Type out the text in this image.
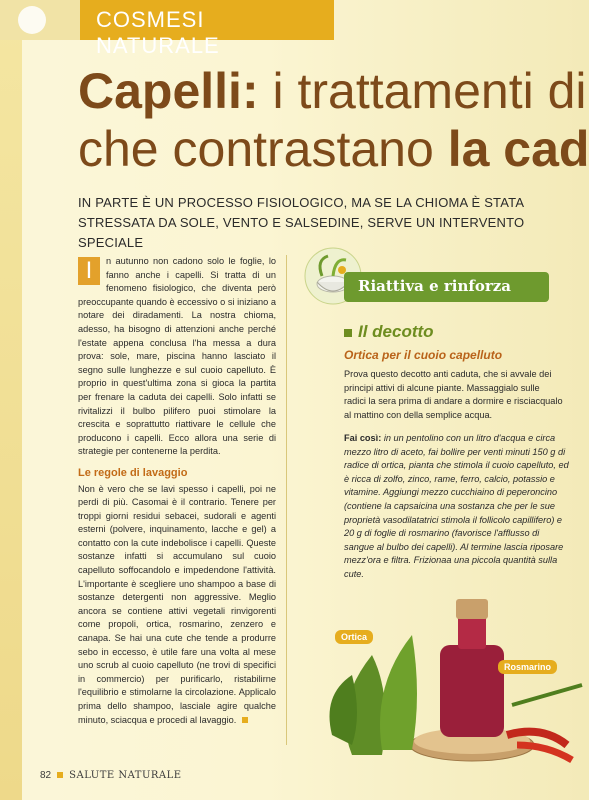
COSMESI NATURALE
Capelli: i trattamenti di
che contrastano la cad
IN PARTE È UN PROCESSO FISIOLOGICO, MA SE LA CHIOMA È STATA STRESSATA DA SOLE, VENTO E SALSEDINE, SERVE UN INTERVENTO SPECIALE
I	n autunno non cadono solo le foglie, lo fanno anche i capelli. Si tratta di un fenomeno fisiologico, che diventa però preoccupante quando è eccessivo o si iniziano a notare dei diradamenti. La nostra chioma, adesso, ha bisogno di attenzioni anche perché l'estate appena conclusa l'ha messa a dura prova: sole, mare, piscina hanno lasciato il segno sulle lunghezze e sul cuoio capelluto. È proprio in quest'ultima zona si gioca la partita per frenare la caduta dei capelli. Solo infatti se rivitalizzi il bulbo pilifero puoi stimolare la crescita e soprattutto riattivare le cellule che producono i capelli. Ecco allora una serie di strategie per contenerne la perdita.

Le regole di lavaggio

Non è vero che se lavi spesso i capelli, poi ne perdi di più. Casomai è il contrario. Tenere per troppi giorni residui sebacei, sudorali e agenti esterni (polvere, inquinamento, lacche e gel) a contatto con la cute indebolisce i capelli. Queste sostanze infatti si accumulano sul cuoio capelluto soffocandolo e impedendone l'attività. L'importante è scegliere uno shampoo a base di sostanze detergenti non aggressive. Meglio ancora se contiene attivi vegetali rinvigorenti come propoli, ortica, rosmarino, zenzero e canapa. Se hai una cute che tende a produrre sebo in eccesso, è utile fare una volta al mese uno scrub al cuoio capelluto (ne trovi di specifici in commercio) per purificarlo, ristabilirne l'equilibrio e stimolarne la circolazione. Applicalo prima dello shampoo, lasciale agire qualche minuto, sciacqua e procedi al lavaggio.

Riattiva e rinforza
Il decotto
Ortica per il cuoio capelluto

Prova questo decotto anti caduta, che si avvale dei principi attivi di alcune piante. Massaggialo sulle radici la sera prima di andare a dormire e risciacqualo al mattino con della semplice acqua.

Fai così: in un pentolino con un litro d'acqua e circa mezzo litro di aceto, fai bollire per venti minuti 150 g di radice di ortica, pianta che stimola il cuoio capelluto, ed è ricca di zolfo, zinco, rame, ferro, calcio, potassio e vitamine. Aggiungi mezzo cucchiaino di peperoncino (contiene la capsaicina una sostanza che per le sue proprietà vasodilatatrici stimola il follicolo capillifero) e 20 g di foglie di rosmarino (favorisce l'afflusso di sangue al bulbo dei capelli). Al termine lascia riposare mezz'ora e filtra. Frizionaa una piccola quantità sulla cute.
Ortica
Rosmarino
82 SALUTE NATURALE
